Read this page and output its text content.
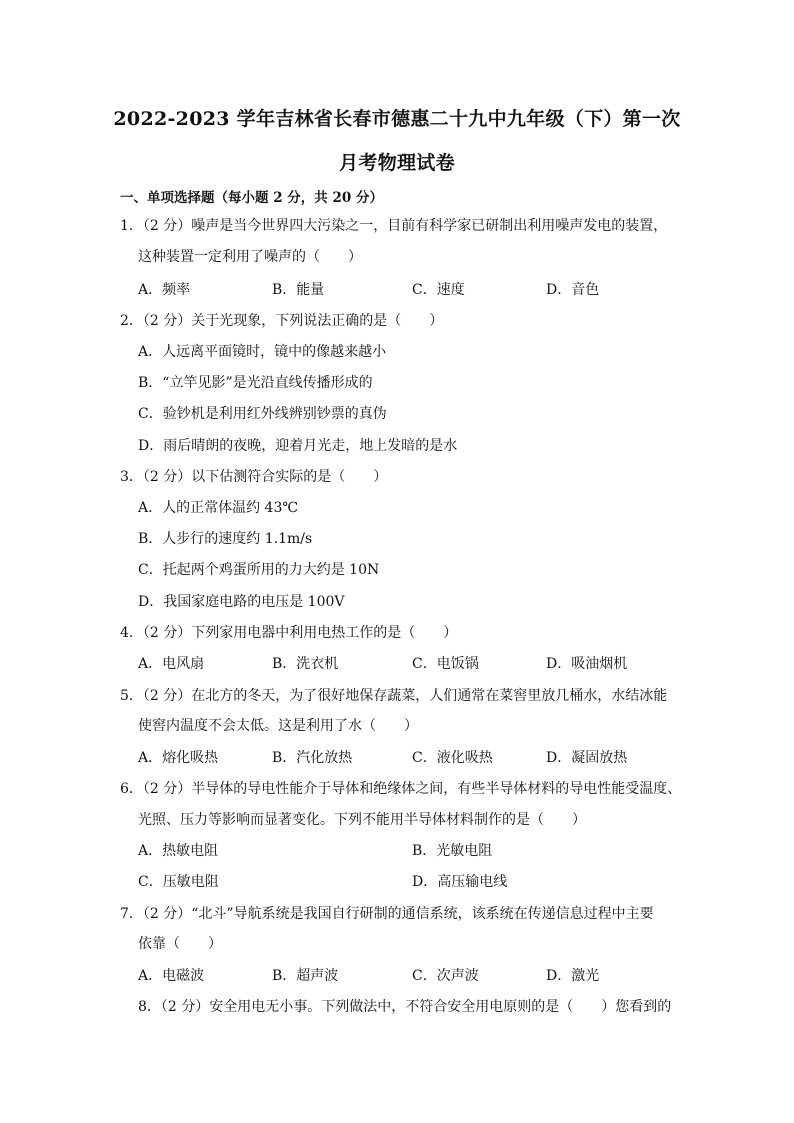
2022-2023 学年吉林省长春市德惠二十九中九年级（下）第一次
月考物理试卷
一、单项选择题（每小题 2 分，共 20 分）
1．（2 分）噪声是当今世界四大污染之一，目前有科学家已研制出利用噪声发电的装置，
这种装置一定利用了噪声的（　　）
A．频率	B．能量	C．速度	D．音色
2．（2 分）关于光现象，下列说法正确的是（　　）
A．人远离平面镜时，镜中的像越来越小
B．“立竿见影”是光沿直线传播形成的
C．验钞机是利用红外线辨别钞票的真伪
D．雨后晴朗的夜晚，迎着月光走，地上发暗的是水
3．（2 分）以下估测符合实际的是（　　）
A．人的正常体温约 43℃
B．人步行的速度约 1.1m/s
C．托起两个鸡蛋所用的力大约是 10N
D．我国家庭电路的电压是 100V
4．（2 分）下列家用电器中利用电热工作的是（　　）
A．电风扇	B．洗衣机	C．电饭锅	D．吸油烟机
5．（2 分）在北方的冬天，为了很好地保存蔬菜，人们通常在菜窖里放几桶水，水结冰能
使窖内温度不会太低。这是利用了水（　　）
A．熔化吸热	B．汽化放热	C．液化吸热	D．凝固放热
6．（2 分）半导体的导电性能介于导体和绝缘体之间，有些半导体材料的导电性能受温度、
光照、压力等影响而显著变化。下列不能用半导体材料制作的是（　　）
A．热敏电阻	B．光敏电阻
C．压敏电阻	D．高压输电线
7．（2 分）“北斗”导航系统是我国自行研制的通信系统，该系统在传递信息过程中主要
依靠（　　）
A．电磁波	B．超声波	C．次声波	D．激光
8．（2 分）安全用电无小事。下列做法中，不符合安全用电原则的是（　　）您看到的
